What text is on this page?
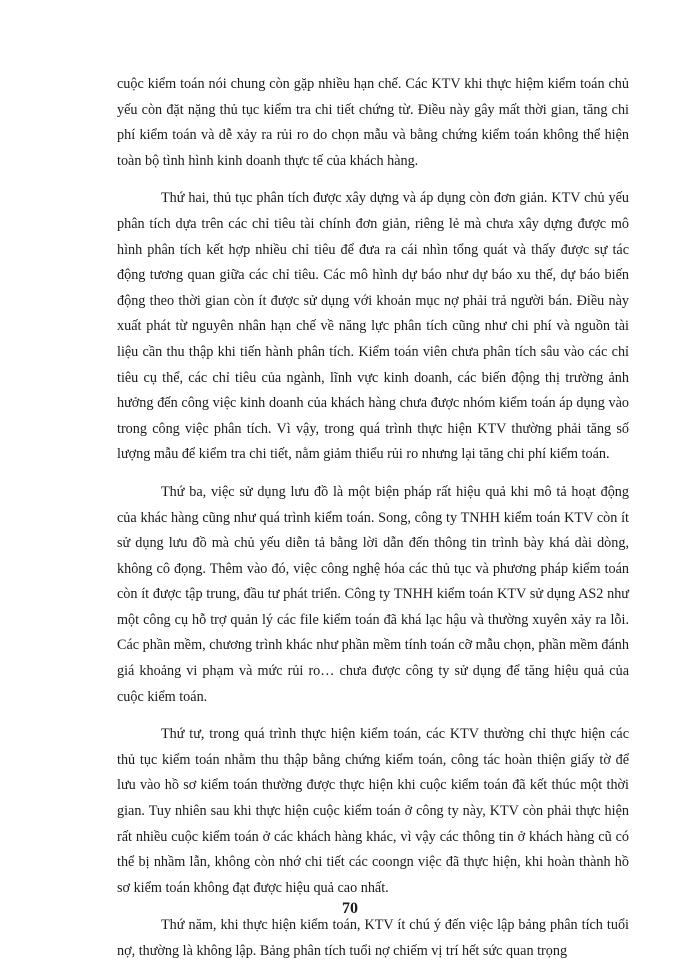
cuộc kiểm toán nói chung còn gặp nhiều hạn chế. Các KTV khi thực hiệm kiểm toán chủ yếu còn đặt nặng thủ tục kiểm tra chi tiết chứng từ. Điều này gây mất thời gian, tăng chi phí kiểm toán và dễ xảy ra rủi ro do chọn mẫu và bằng chứng kiểm toán không thể hiện toàn bộ tình hình kinh doanh thực tế của khách hàng.

Thứ hai, thủ tục phân tích được xây dựng và áp dụng còn đơn giản. KTV chủ yếu phân tích dựa trên các chỉ tiêu tài chính đơn giản, riêng lẻ mà chưa xây dựng được mô hình phân tích kết hợp nhiều chỉ tiêu để đưa ra cái nhìn tổng quát và thấy được sự tác động tương quan giữa các chỉ tiêu. Các mô hình dự báo như dự báo xu thế, dự báo biến động theo thời gian còn ít được sử dụng với khoản mục nợ phải trả người bán. Điều này xuất phát từ nguyên nhân hạn chế về năng lực phân tích cũng như chi phí và nguồn tài liệu cần thu thập khi tiến hành phân tích. Kiểm toán viên chưa phân tích sâu vào các chỉ tiêu cụ thể, các chỉ tiêu của ngành, lĩnh vực kinh doanh, các biến động thị trường ảnh hưởng đến công việc kinh doanh của khách hàng chưa được nhóm kiểm toán áp dụng vào trong công việc phân tích. Vì vậy, trong quá trình thực hiện KTV thường phải tăng số lượng mẫu để kiểm tra chi tiết, nằm giảm thiểu rủi ro nhưng lại tăng chi phí kiểm toán.

Thứ ba, việc sử dụng lưu đồ là một biện pháp rất hiệu quả khi mô tả hoạt động của khác hàng cũng như quá trình kiểm toán. Song, công ty TNHH kiểm toán KTV còn ít sử dụng lưu đồ mà chủ yếu diễn tả bằng lời dẫn đến thông tin trình bày khá dài dòng, không cô đọng. Thêm vào đó, việc công nghệ hóa các thủ tục và phương pháp kiểm toán còn ít được tập trung, đầu tư phát triển. Công ty TNHH kiểm toán KTV sử dụng AS2 như một công cụ hỗ trợ quản lý các file kiểm toán đã khá lạc hậu và thường xuyên xảy ra lỗi. Các phần mềm, chương trình khác như phần mềm tính toán cỡ mẫu chọn, phần mềm đánh giá khoảng vi phạm và mức rủi ro… chưa được công ty sử dụng để tăng hiệu quả của cuộc kiểm toán.

Thứ tư, trong quá trình thực hiện kiểm toán, các KTV thường chỉ thực hiện các thủ tục kiểm toán nhằm thu thập bằng chứng kiểm toán, công tác hoàn thiện giấy tờ để lưu vào hồ sơ kiểm toán thường được thực hiện khi cuộc kiểm toán đã kết thúc một thời gian. Tuy nhiên sau khi thực hiện cuộc kiểm toán ở công ty này, KTV còn phải thực hiện rất nhiều cuộc kiểm toán ở các khách hàng khác, vì vậy các thông tin ở khách hàng cũ có thể bị nhầm lẫn, không còn nhớ chi tiết các coongn việc đã thực hiện, khi hoàn thành hồ sơ kiểm toán không đạt được hiệu quả cao nhất.

Thứ năm, khi thực hiện kiểm toán, KTV ít chú ý đến việc lập bảng phân tích tuổi nợ, thường là không lập. Bảng phân tích tuổi nợ chiếm vị trí hết sức quan trọng

70
